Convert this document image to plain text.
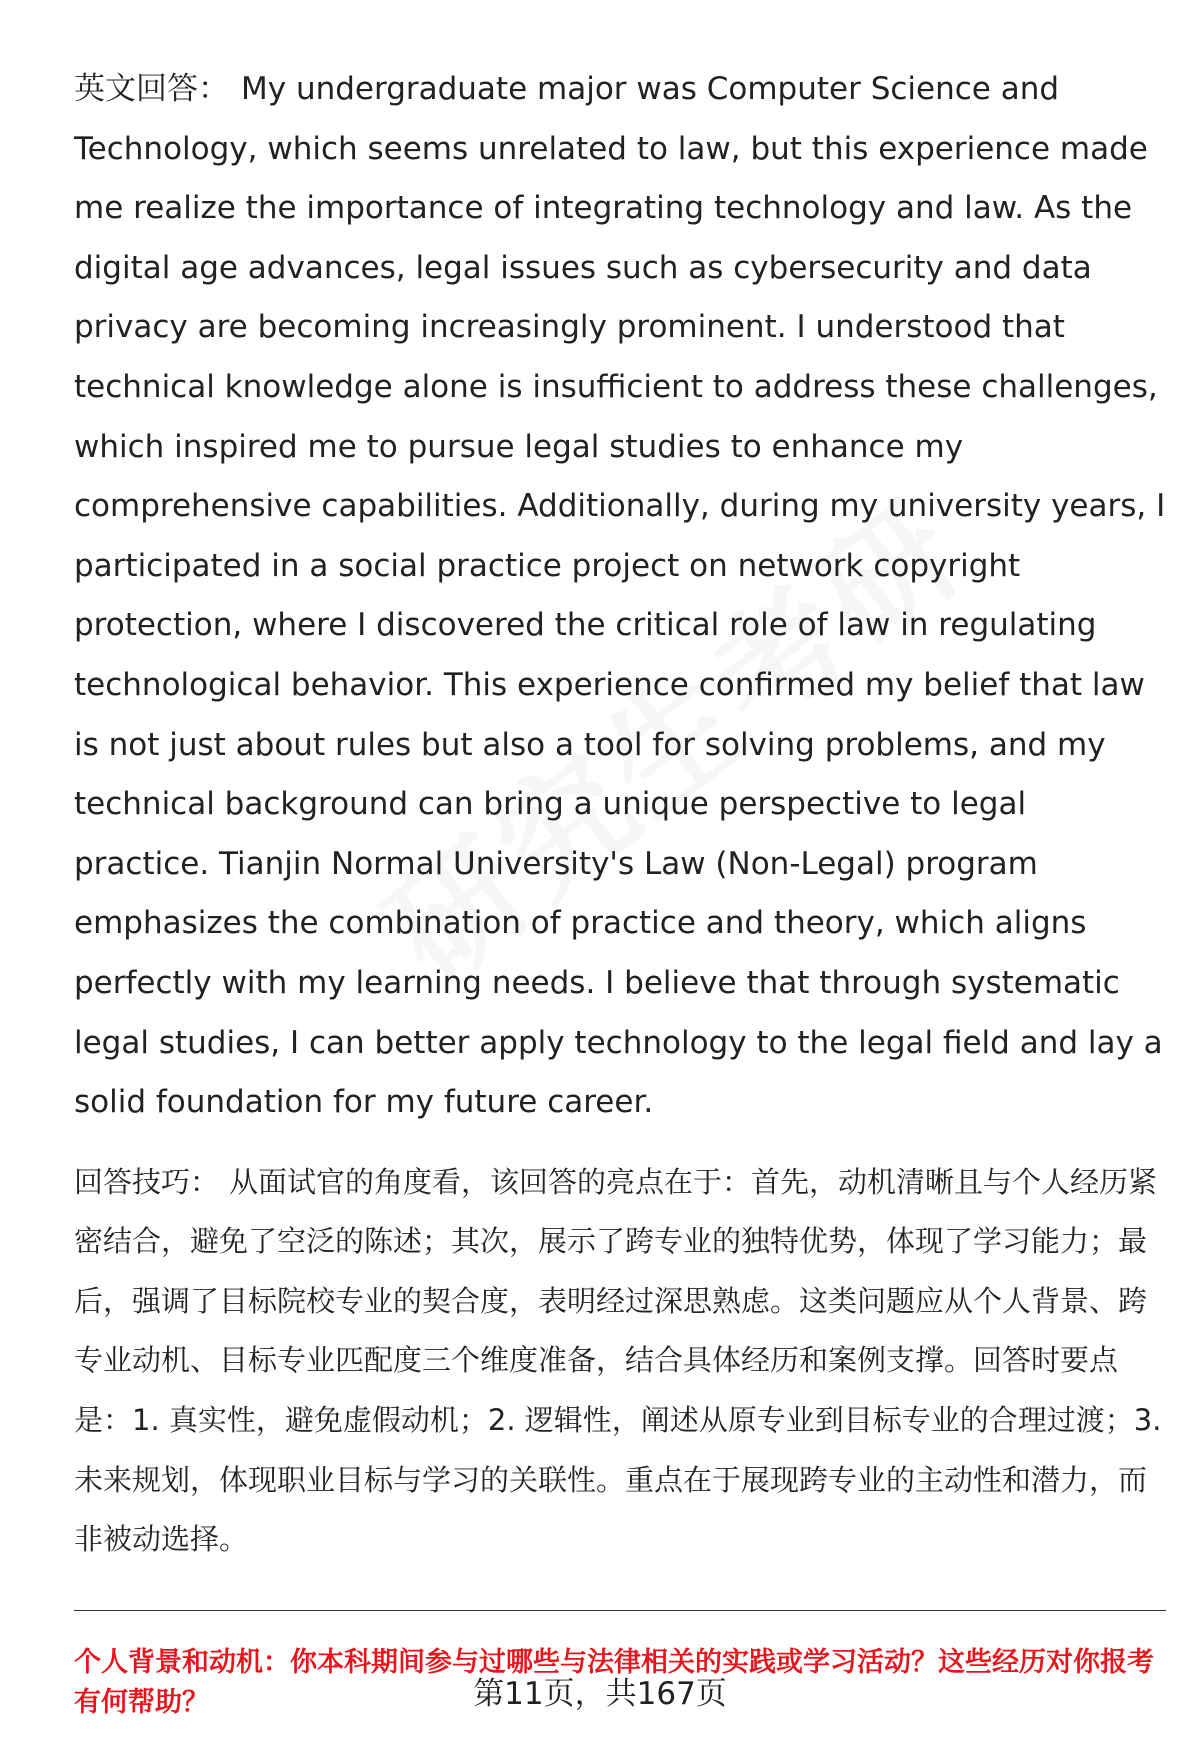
英文回答： My undergraduate major was Computer Science and Technology, which seems unrelated to law, but this experience made me realize the importance of integrating technology and law. As the digital age advances, legal issues such as cybersecurity and data privacy are becoming increasingly prominent. I understood that technical knowledge alone is insufficient to address these challenges, which inspired me to pursue legal studies to enhance my comprehensive capabilities. Additionally, during my university years, I participated in a social practice project on network copyright protection, where I discovered the critical role of law in regulating technological behavior. This experience confirmed my belief that law is not just about rules but also a tool for solving problems, and my technical background can bring a unique perspective to legal practice. Tianjin Normal University's Law (Non-Legal) program emphasizes the combination of practice and theory, which aligns perfectly with my learning needs. I believe that through systematic legal studies, I can better apply technology to the legal field and lay a solid foundation for my future career.

回答技巧： 从面试官的角度看，该回答的亮点在于：首先，动机清晰且与个人经历紧密结合，避免了空泛的陈述；其次，展示了跨专业的独特优势，体现了学习能力；最后，强调了目标院校专业的契合度，表明经过深思熟虑。这类问题应从个人背景、跨专业动机、目标专业匹配度三个维度准备，结合具体经历和案例支撑。回答时要点是：1. 真实性，避免虚假动机；2. 逻辑性，阐述从原专业到目标专业的合理过渡；3. 未来规划，体现职业目标与学习的关联性。重点在于展现跨专业的主动性和潜力，而非被动选择。

个人背景和动机：你本科期间参与过哪些与法律相关的实践或学习活动？这些经历对你报考有何帮助？	第11页，共167页
